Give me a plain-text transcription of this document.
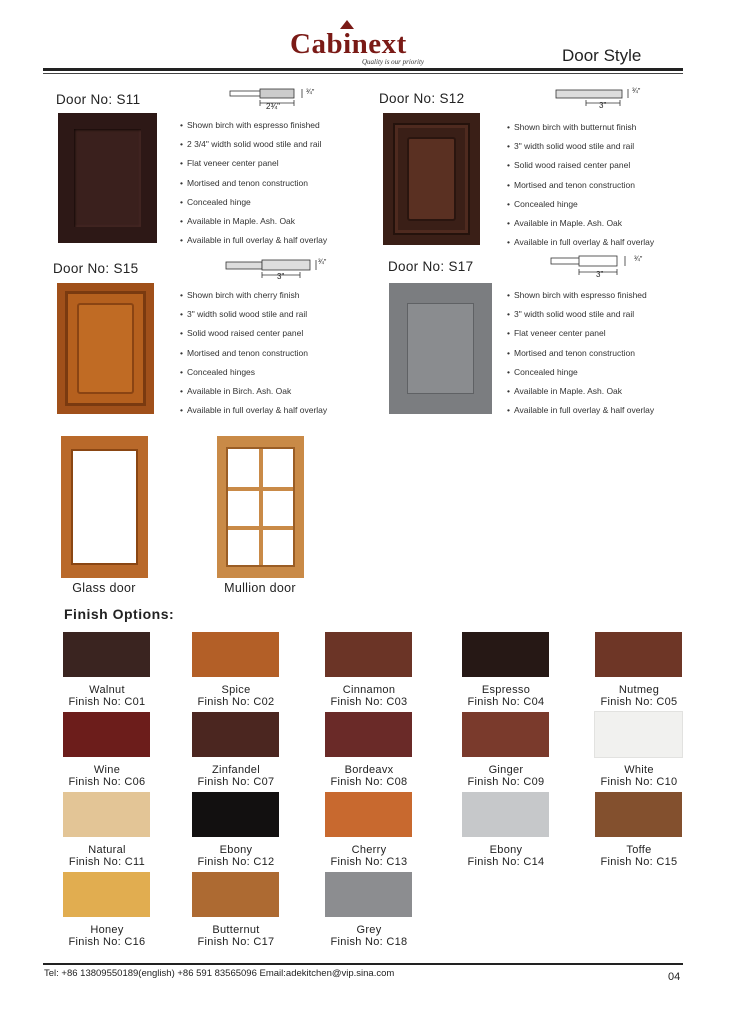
Cabinext
Quality is our priority	Door Style
Door No: S11	2¾"
¾"
• Shown birch with espresso finished
• 2 3/4" width solid wood stile and rail
• Flat veneer center panel
• Mortised and tenon construction
• Concealed hinge
• Available in Maple. Ash. Oak
• Available in full overlay & half overlay
Door No: S12	3"
¾"
• Shown birch with butternut finish
• 3" width solid wood stile and rail
• Solid wood raised center panel
• Mortised and tenon construction
• Concealed hinge
• Available in Maple. Ash. Oak
• Available in full overlay & half overlay
Door No: S15
3"
¾"
• Shown birch with cherry finish
• 3" width solid wood stile and rail
• Solid wood raised center panel
• Mortised and tenon construction
• Concealed hinges
• Available in Birch. Ash. Oak
• Available in full overlay & half overlay
Door No: S17
3"
¾"
• Shown birch with espresso finished
• 3" width solid wood stile and rail
• Flat veneer center panel
• Mortised and tenon construction
• Concealed hinge
• Available in Maple. Ash. Oak
• Available in full overlay & half overlay
Glass door	Mullion door
Finish Options:
Walnut
Finish No: C01
Spice
Finish No: C02
Cinnamon
Finish No: C03
Espresso
Finish No: C04
Nutmeg
Finish No: C05
Wine
Finish No: C06
Zinfandel
Finish No: C07
Bordeavx
Finish No: C08
Ginger
Finish No: C09
White
Finish No: C10
Natural
Finish No: C11
Ebony
Finish No: C12
Cherry
Finish No: C13
Ebony
Finish No: C14
Toffe
Finish No: C15
Honey
Finish No: C16
Butternut
Finish No: C17
Grey
Finish No: C18
Tel: +86 13809550189(english) +86 591 83565096 Email:adekitchen@vip.sina.com	04
